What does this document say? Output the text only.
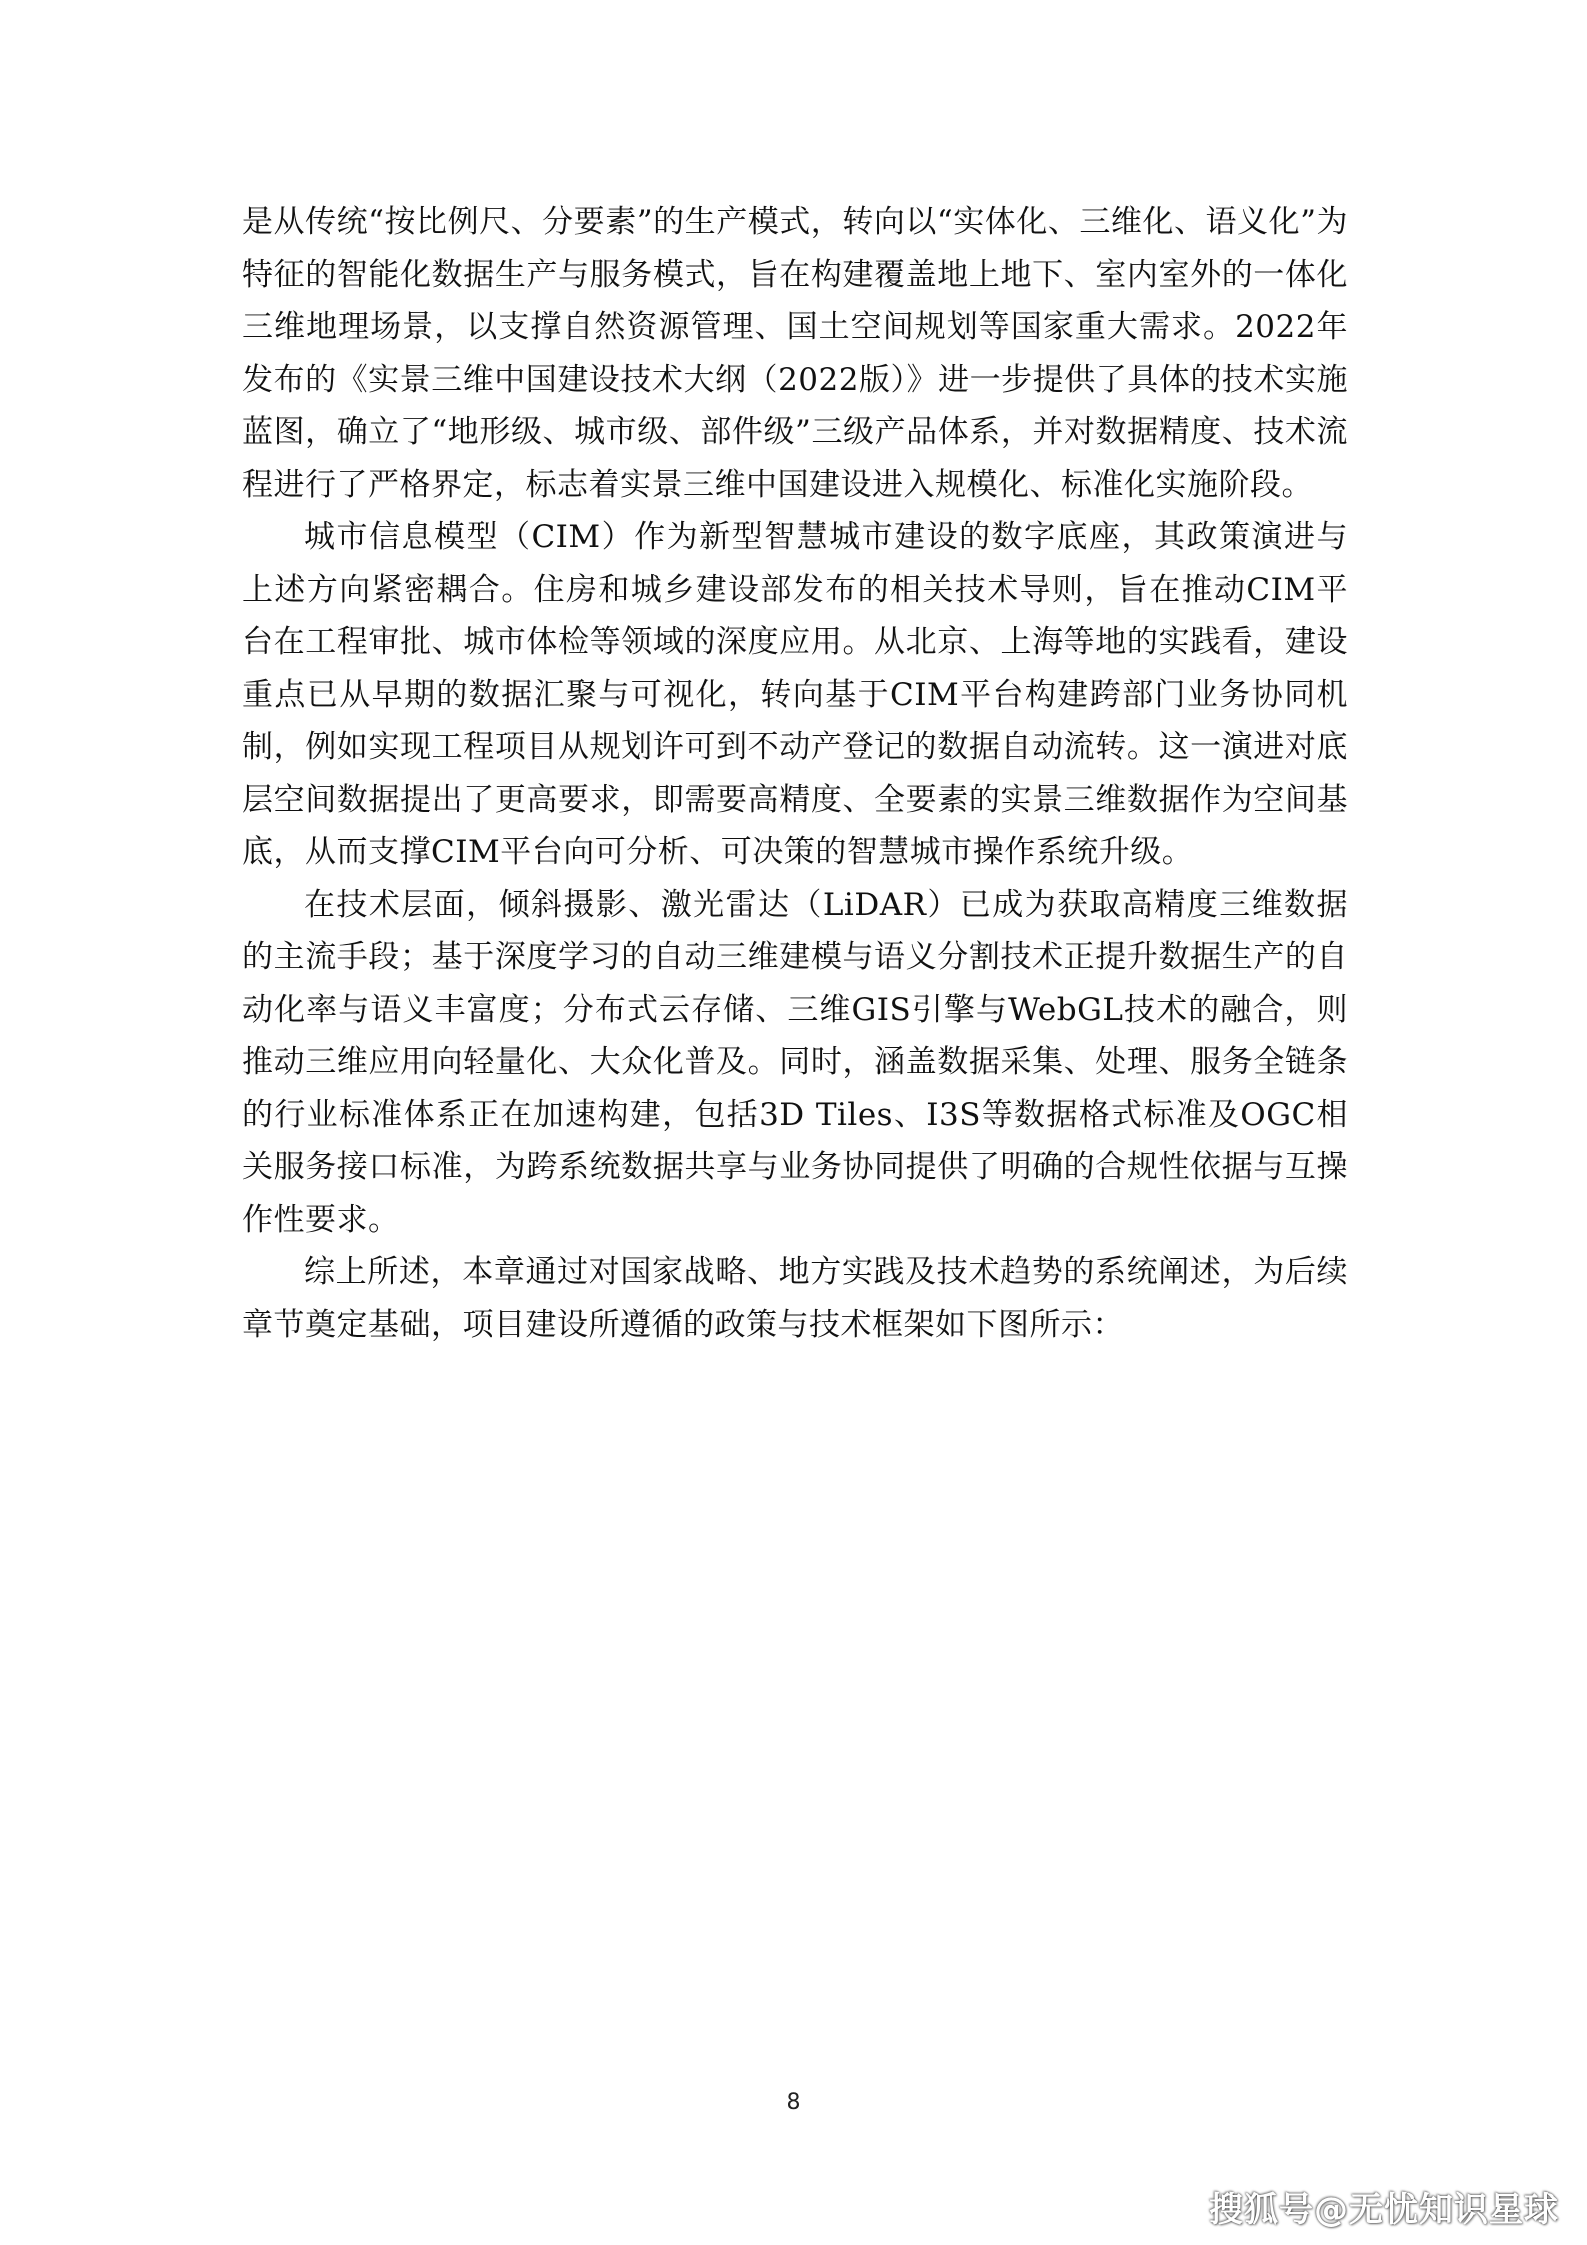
是从传统“按比例尺、分要素”的生产模式，转向以“实体化、三维化、语义化”为特征的智能化数据生产与服务模式，旨在构建覆盖地上地下、室内室外的一体化三维地理场景，以支撑自然资源管理、国土空间规划等国家重大需求。2022年发布的《实景三维中国建设技术大纲（2022版）》进一步提供了具体的技术实施蓝图，确立了“地形级、城市级、部件级”三级产品体系，并对数据精度、技术流程进行了严格界定，标志着实景三维中国建设进入规模化、标准化实施阶段。

城市信息模型（CIM）作为新型智慧城市建设的数字底座，其政策演进与上述方向紧密耦合。住房和城乡建设部发布的相关技术导则，旨在推动CIM平台在工程审批、城市体检等领域的深度应用。从北京、上海等地的实践看，建设重点已从早期的数据汇聚与可视化，转向基于CIM平台构建跨部门业务协同机制，例如实现工程项目从规划许可到不动产登记的数据自动流转。这一演进对底层空间数据提出了更高要求，即需要高精度、全要素的实景三维数据作为空间基底，从而支撑CIM平台向可分析、可决策的智慧城市操作系统升级。

在技术层面，倾斜摄影、激光雷达（LiDAR）已成为获取高精度三维数据的主流手段；基于深度学习的自动三维建模与语义分割技术正提升数据生产的自动化率与语义丰富度；分布式云存储、三维GIS引擎与WebGL技术的融合，则推动三维应用向轻量化、大众化普及。同时，涵盖数据采集、处理、服务全链条的行业标准体系正在加速构建，包括3D Tiles、I3S等数据格式标准及OGC相关服务接口标准，为跨系统数据共享与业务协同提供了明确的合规性依据与互操作性要求。

综上所述，本章通过对国家战略、地方实践及技术趋势的系统阐述，为后续章节奠定基础，项目建设所遵循的政策与技术框架如下图所示：

8
搜狐号@无忧知识星球
